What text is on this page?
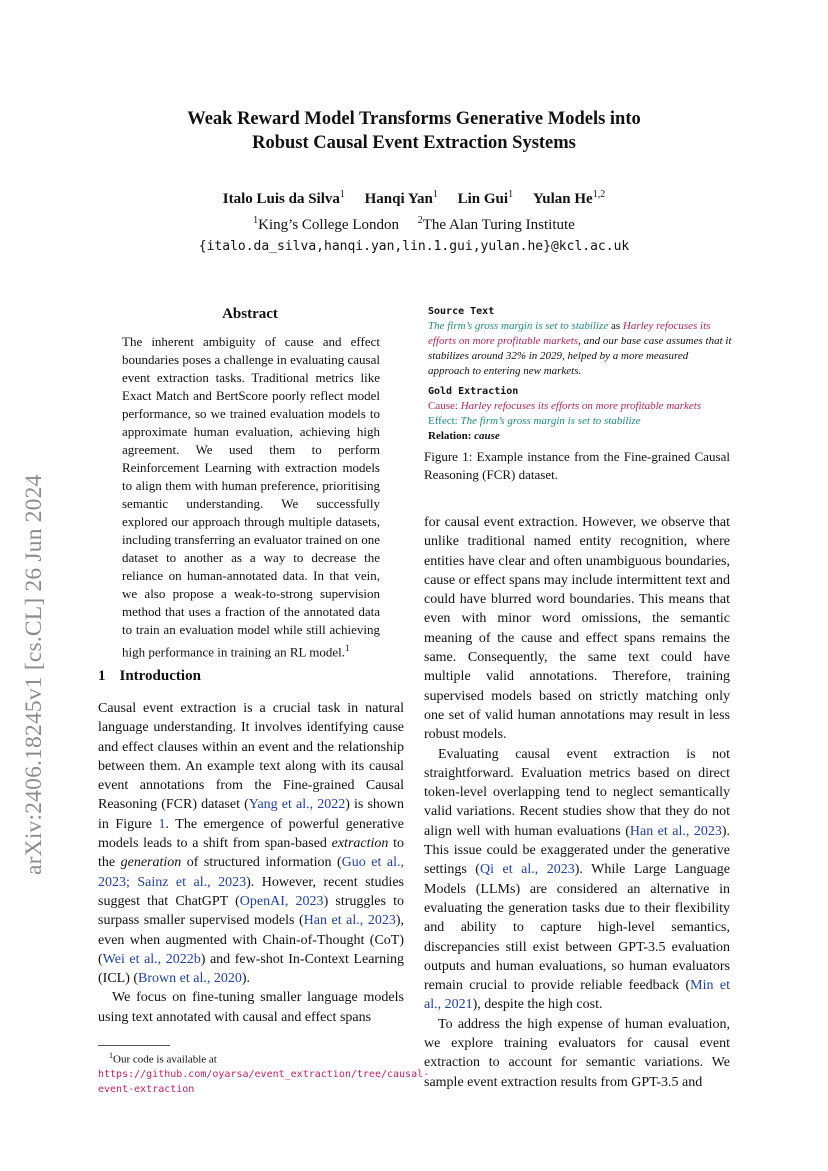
arXiv:2406.18245v1 [cs.CL] 26 Jun 2024
Weak Reward Model Transforms Generative Models into
Robust Causal Event Extraction Systems
Italo Luis da Silva$^1$ Hanqi Yan$^1$ Lin Gui$^1$ Yulan He$^{1,2}$
$^1$King’s College London $^2$The Alan Turing Institute
{italo.da_silva,hanqi.yan,lin.1.gui,yulan.he}@kcl.ac.uk
Abstract
The inherent ambiguity of cause and effect boundaries poses a challenge in evaluating causal event extraction tasks. Traditional metrics like Exact Match and BertScore poorly reflect model performance, so we trained evaluation models to approximate human evaluation, achieving high agreement. We used them to perform Reinforcement Learning with extraction models to align them with human preference, prioritising semantic understanding. We successfully explored our approach through multiple datasets, including transferring an evaluator trained on one dataset to another as a way to decrease the reliance on human-annotated data. In that vein, we also propose a weak-to-strong supervision method that uses a fraction of the annotated data to train an evaluation model while still achieving high performance in training an RL model.$^1$
1 Introduction

Causal event extraction is a crucial task in natural language understanding. It involves identifying cause and effect clauses within an event and the relationship between them. An example text along with its causal event annotations from the Fine-grained Causal Reasoning (FCR) dataset (Yang et al., 2022) is shown in Figure 1. The emergence of powerful generative models leads to a shift from span-based extraction to the generation of structured information (Guo et al., 2023; Sainz et al., 2023). However, recent studies suggest that ChatGPT (OpenAI, 2023) struggles to surpass smaller supervised models (Han et al., 2023), even when augmented with Chain-of-Thought (CoT) (Wei et al., 2022b) and few-shot In-Context Learning (ICL) (Brown et al., 2020).

We focus on fine-tuning smaller language models using text annotated with causal and effect spans

$^1$Our code is available at https://github.com/oyarsa/event_extraction/tree/causal-event-extraction
Source Text
The firm’s gross margin is set to stabilize as Harley refocuses its efforts on more profitable markets, and our base case assumes that it stabilizes around 32% in 2029, helped by a more measured approach to entering new markets.
Gold Extraction
Cause: Harley refocuses its efforts on more profitable markets
Effect: The firm’s gross margin is set to stabilize
Relation: cause
Figure 1: Example instance from the Fine-grained Causal Reasoning (FCR) dataset.

for causal event extraction. However, we observe that unlike traditional named entity recognition, where entities have clear and often unambiguous boundaries, cause or effect spans may include intermittent text and could have blurred word boundaries. This means that even with minor word omissions, the semantic meaning of the cause and effect spans remains the same. Consequently, the same text could have multiple valid annotations. Therefore, training supervised models based on strictly matching only one set of valid human annotations may result in less robust models.

Evaluating causal event extraction is not straightforward. Evaluation metrics based on direct token-level overlapping tend to neglect semantically valid variations. Recent studies show that they do not align well with human evaluations (Han et al., 2023). This issue could be exaggerated under the generative settings (Qi et al., 2023). While Large Language Models (LLMs) are considered an alternative in evaluating the generation tasks due to their flexibility and ability to capture high-level semantics, discrepancies still exist between GPT-3.5 evaluation outputs and human evaluations, so human evaluators remain crucial to provide reliable feedback (Min et al., 2021), despite the high cost.

To address the high expense of human evaluation, we explore training evaluators for causal event extraction to account for semantic variations. We sample event extraction results from GPT-3.5 and
